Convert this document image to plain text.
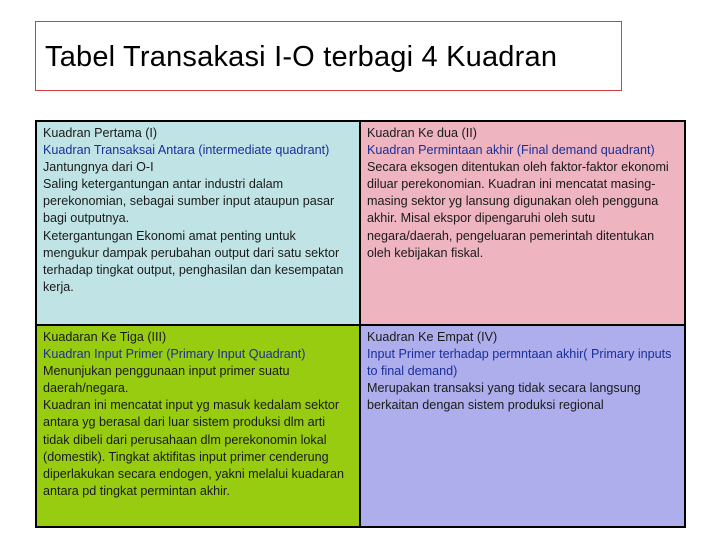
Tabel Transakasi I-O terbagi 4 Kuadran

Kuadran Pertama (I)

Kuadran Transaksai Antara (intermediate quadrant)

Jantungnya dari O-I

Saling ketergantungan antar industri dalam perekonomian, sebagai sumber input ataupun pasar bagi outputnya.

Ketergantungan Ekonomi amat penting untuk mengukur dampak perubahan output dari satu sektor terhadap tingkat output, penghasilan dan kesempatan kerja.

Kuadran Ke dua (II)

Kuadran Permintaan akhir (Final demand quadrant)

Secara eksogen ditentukan oleh faktor-faktor ekonomi diluar perekonomian. Kuadran ini mencatat masing-masing sektor yg lansung digunakan oleh pengguna akhir. Misal ekspor dipengaruhi oleh sutu negara/daerah, pengeluaran pemerintah ditentukan oleh kebijakan fiskal.

Kuadaran Ke Tiga (III)

Kuadran Input Primer (Primary Input Quadrant)

Menunjukan penggunaan input primer suatu daerah/negara.

Kuadran ini mencatat input yg masuk kedalam sektor antara yg berasal dari luar sistem produksi dlm arti tidak dibeli dari perusahaan dlm perekonomin lokal (domestik). Tingkat aktifitas input primer cenderung diperlakukan secara endogen, yakni melalui kuadaran antara pd tingkat permintan akhir.

Kuadran Ke Empat (IV)

Input Primer terhadap permntaan akhir( Primary inputs to final demand)

Merupakan transaksi yang tidak secara langsung berkaitan dengan sistem produksi regional
